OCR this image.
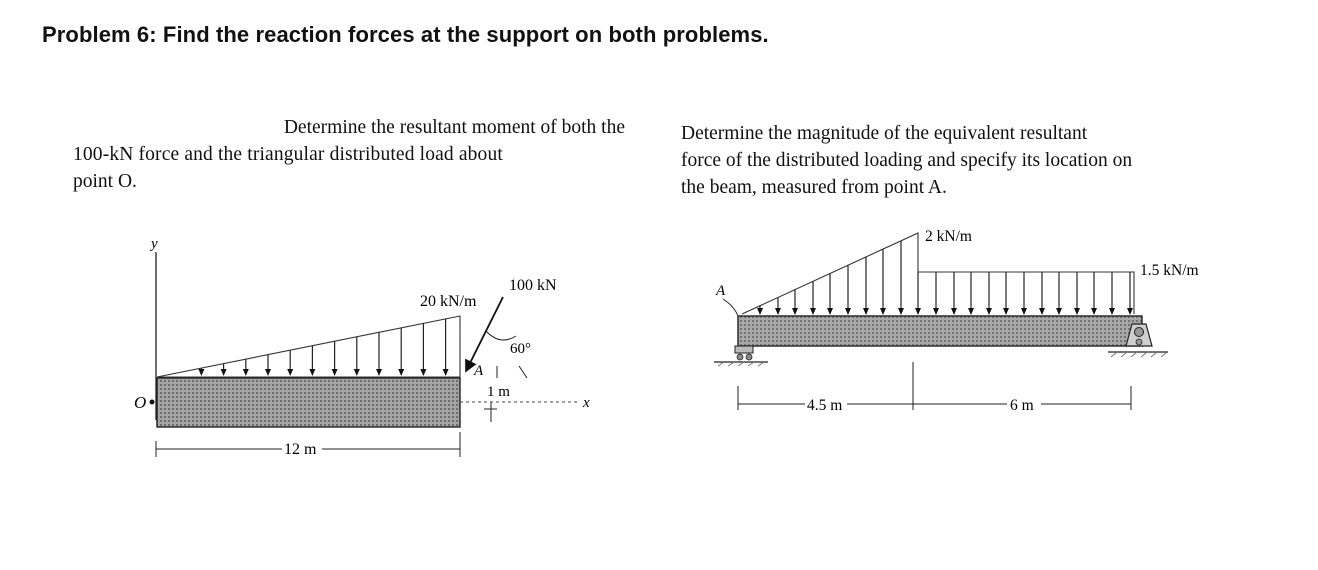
Problem 6: Find the reaction forces at the support on both problems.

Determine the resultant moment of both the

100-kN force and the triangular distributed load about

point O.

Determine the magnitude of the equivalent resultant

force of the distributed loading and specify its location on

the beam, measured from point A.

y
O	x
20 kN/m
100 kN
60°
A
1 m
12 m
A
2 kN/m
1.5 kN/m
4.5 m	6 m
